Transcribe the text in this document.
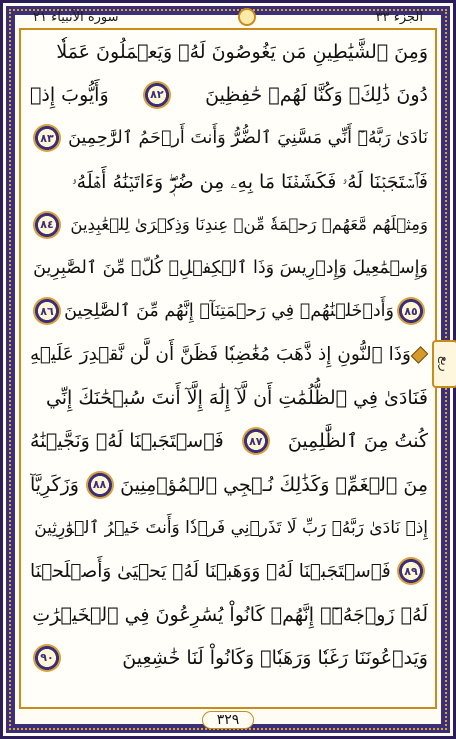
الجزء ٣٣
سورة الأنبياء ٢١
وَمِنَ ٱلشَّيَٰطِينِ مَن يَغُوصُونَ لَهُۥ وَيَعۡمَلُونَ عَمَلٗا
دُونَ ذَٰلِكَۖ وَكُنَّا لَهُمۡ حَٰفِظِينَ
٨٢
وَأَيُّوبَ إِذۡ
نَادَىٰ رَبَّهُۥٓ أَنِّي مَسَّنِيَ ٱلضُّرُّ وَأَنتَ أَرۡحَمُ ٱلرَّٰحِمِينَ
٨٣
فَٱسۡتَجَبۡنَا لَهُۥ فَكَشَفۡنَا مَا بِهِۦ مِن ضُرّٖۖ وَءَاتَيۡنَٰهُ أَهۡلَهُۥ
وَمِثۡلَهُم مَّعَهُمۡ رَحۡمَةٗ مِّنۡ عِندِنَا وَذِكۡرَىٰ لِلۡعَٰبِدِينَ
٨٤
وَإِسۡمَٰعِيلَ وَإِدۡرِيسَ وَذَا ٱلۡكِفۡلِۖ كُلّٞ مِّنَ ٱلصَّٰبِرِينَ
٨٥
وَأَدۡخَلۡنَٰهُمۡ فِي رَحۡمَتِنَآۖ إِنَّهُم مِّنَ ٱلصَّٰلِحِينَ
٨٦
وَذَا ٱلنُّونِ إِذ ذَّهَبَ مُغَٰضِبٗا فَظَنَّ أَن لَّن نَّقۡدِرَ عَلَيۡهِ
فَنَادَىٰ فِي ٱلظُّلُمَٰتِ أَن لَّآ إِلَٰهَ إِلَّآ أَنتَ سُبۡحَٰنَكَ إِنِّي
كُنتُ مِنَ ٱلظَّٰلِمِينَ
٨٧
فَٱسۡتَجَبۡنَا لَهُۥ وَنَجَّيۡنَٰهُ
مِنَ ٱلۡغَمِّۚ وَكَذَٰلِكَ نُـۨجِي ٱلۡمُؤۡمِنِينَ
٨٨
وَزَكَرِيَّآ
إِذۡ نَادَىٰ رَبَّهُۥ رَبِّ لَا تَذَرۡنِي فَرۡدٗا وَأَنتَ خَيۡرُ ٱلۡوَٰرِثِينَ
٨٩
فَٱسۡتَجَبۡنَا لَهُۥ وَوَهَبۡنَا لَهُۥ يَحۡيَىٰ وَأَصۡلَحۡنَا
لَهُۥ زَوۡجَهُۥٓۚ إِنَّهُمۡ كَانُواْ يُسَٰرِعُونَ فِي ٱلۡخَيۡرَٰتِ
وَيَدۡعُونَنَا رَغَبٗا وَرَهَبٗاۖ وَكَانُواْ لَنَا خَٰشِعِينَ
٩٠
ربع
٣٢٩
